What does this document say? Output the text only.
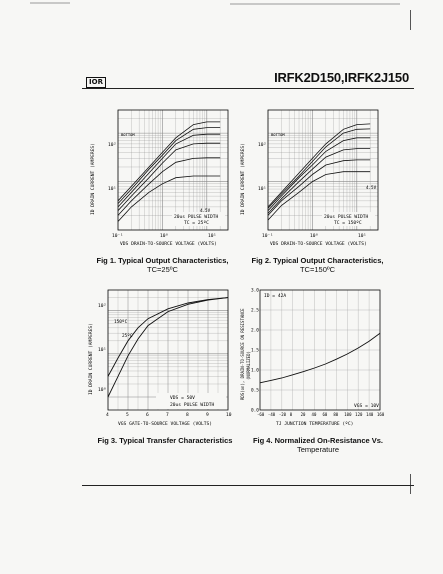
IOR	IRFK2D150,IRFK2J150
ID DRAIN CURRENT (AMPERES)
VDS DRAIN-TO-SOURCE VOLTAGE (VOLTS)
10²
10¹
10⁻¹	10⁰	10¹
BOTTOM
20us PULSE WIDTH
TC = 25ºC
4.5V
Fig 1. Typical Output Characteristics,
TC=25ºC
ID DRAIN CURRENT (AMPERES)
VDS DRAIN-TO-SOURCE VOLTAGE (VOLTS)
10²
10¹
10⁻¹	10⁰	10¹
BOTTOM
20us PULSE WIDTH
TC = 150ºC
4.5V
Fig 2. Typical Output Characteristics,
TC=150ºC
ID DRAIN CURRENT (AMPERES)
VGS GATE-TO-SOURCE VOLTAGE (VOLTS)
10²
10¹
10⁰
4	5	6	7	8	9	10
150ºC
25ºC
VDS = 50V
20us PULSE WIDTH
Fig 3. Typical Transfer Characteristics
RDS(on), DRAIN-TO-SOURCE ON RESISTANCE (NORMALIZED)
TJ JUNCTION TEMPERATURE (ºC)
3.0
2.5
2.0
1.5
1.0
0.5
0.0
-60 -40 -20 0 20 40 60 80 100 120 140 160
ID = 42A
VGS = 10V
Fig 4. Normalized On-Resistance Vs.
Temperature
